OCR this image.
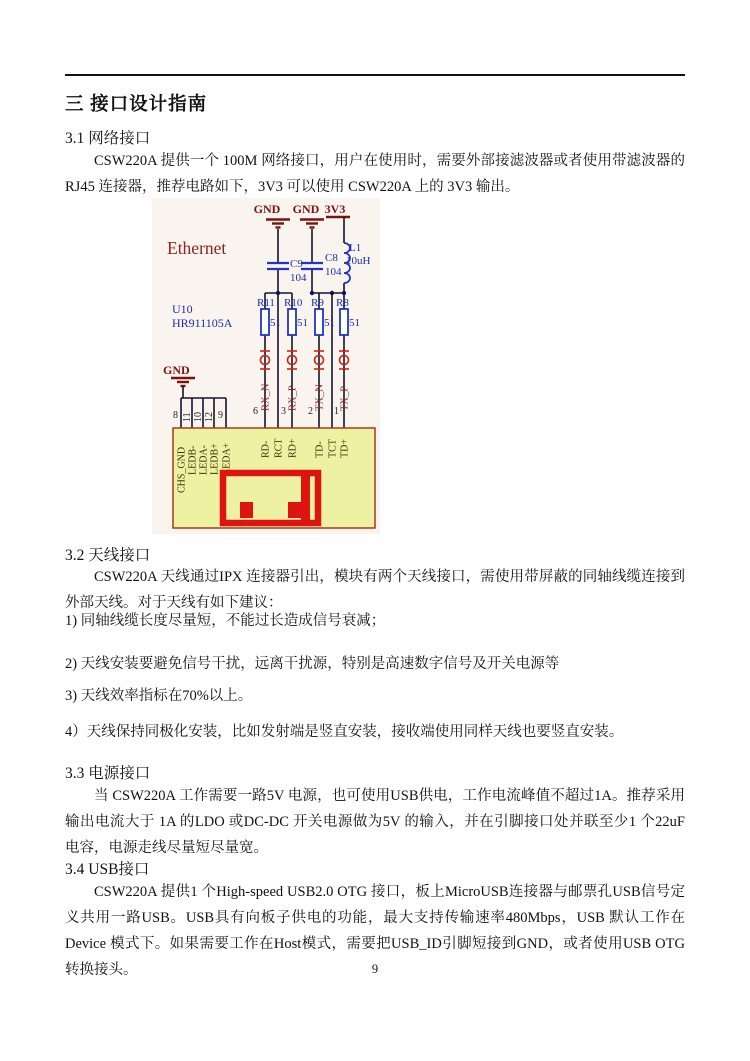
三 接口设计指南
3.1 网络接口
CSW220A 提供一个 100M 网络接口，用户在使用时，需要外部接滤波器或者使用带滤波器的 RJ45 连接器，推荐电路如下，3V3 可以使用 CSW220A 上的 3V3 输出。
Ethernet
GND GND 3V3
C9
104
C8
104
L1
10uH
U10
HR911105A
R11
51
R10
51
R9
51
R8
51
RX_N RX_P TX_N TX_P
6 3 2 1
GND
8 11 10 12 9
CHS_GND LEDB- LEDA- LEDB+ LEDA+	RD- RCT RD+ TD- TCT TD+
3.2 天线接口
CSW220A 天线通过IPX 连接器引出，模块有两个天线接口，需使用带屏蔽的同轴线缆连接到外部天线。对于天线有如下建议：
1) 同轴线缆长度尽量短，不能过长造成信号衰减；
2) 天线安装要避免信号干扰，远离干扰源，特别是高速数字信号及开关电源等
3) 天线效率指标在70%以上。
4）天线保持同极化安装，比如发射端是竖直安装，接收端使用同样天线也要竖直安装。
3.3 电源接口
当 CSW220A 工作需要一路5V 电源，也可使用USB供电，工作电流峰值不超过1A。推荐采用输出电流大于 1A 的LDO 或DC-DC 开关电源做为5V 的输入，并在引脚接口处并联至少1 个22uF 电容，电源走线尽量短尽量宽。
3.4 USB接口
CSW220A 提供1 个High-speed USB2.0 OTG 接口，板上MicroUSB连接器与邮票孔USB信号定义共用一路USB。USB具有向板子供电的功能，最大支持传输速率480Mbps，USB 默认工作在Device 模式下。如果需要工作在Host模式，需要把USB_ID引脚短接到GND，或者使用USB OTG转换接头。	9
